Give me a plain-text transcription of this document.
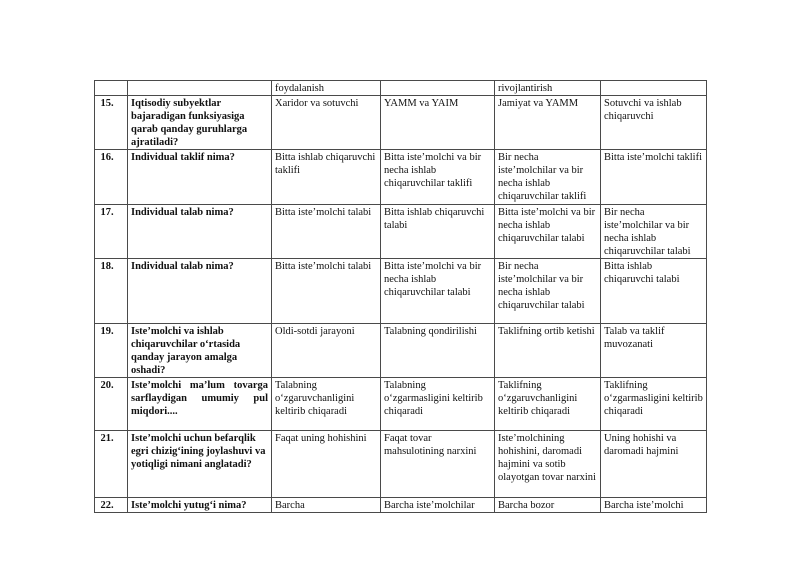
		foydalanish		rivojlantirish	
15.	Iqtisodiy subyektlar bajaradigan funksiyasiga qarab qanday guruhlarga ajratiladi?	Xaridor va sotuvchi	YAMM va YAIM	Jamiyat va YAMM	Sotuvchi va ishlab chiqaruvchi
16.	Individual taklif nima?	Bitta ishlab chiqaruvchi taklifi	Bitta iste’molchi va bir necha ishlab chiqaruvchilar taklifi	Bir necha iste’molchilar va bir necha ishlab chiqaruvchilar taklifi	Bitta iste’molchi taklifi
17.	Individual talab nima?	Bitta iste’molchi talabi	Bitta ishlab chiqaruvchi talabi	Bitta iste’molchi va bir necha ishlab chiqaruvchilar talabi	Bir necha iste’molchilar va bir necha ishlab chiqaruvchilar talabi
18.	Individual talab nima?	Bitta iste’molchi talabi	Bitta iste’molchi va bir necha ishlab chiqaruvchilar talabi	Bir necha iste’molchilar va bir necha ishlab chiqaruvchilar talabi	Bitta ishlab chiqaruvchi talabi
19.	Iste’molchi va ishlab chiqaruvchilar o‘rtasida qanday jarayon amalga oshadi?	Oldi-sotdi jarayoni	Talabning qondirilishi	Taklifning ortib ketishi	Talab va taklif muvozanati
20.	Iste’molchi ma’lum tovarga sarflaydigan umumiy pul miqdori....	Talabning o‘zgaruvchanligini keltirib chiqaradi	Talabning o‘zgarmasligini keltirib chiqaradi	Taklifning o‘zgaruvchanligini keltirib chiqaradi	Taklifning o‘zgarmasligini keltirib chiqaradi
21.	Iste’molchi uchun befarqlik egri chizig‘ining joylashuvi va yotiqligi nimani anglatadi?	Faqat uning hohishini	Faqat tovar mahsulotining narxini	Iste’molchining hohishini, daromadi hajmini va sotib olayotgan tovar narxini	Uning hohishi va daromadi hajmini
22.	Iste’molchi yutug‘i nima?	Barcha	Barcha iste’molchilar	Barcha bozor	Barcha iste’molchi
